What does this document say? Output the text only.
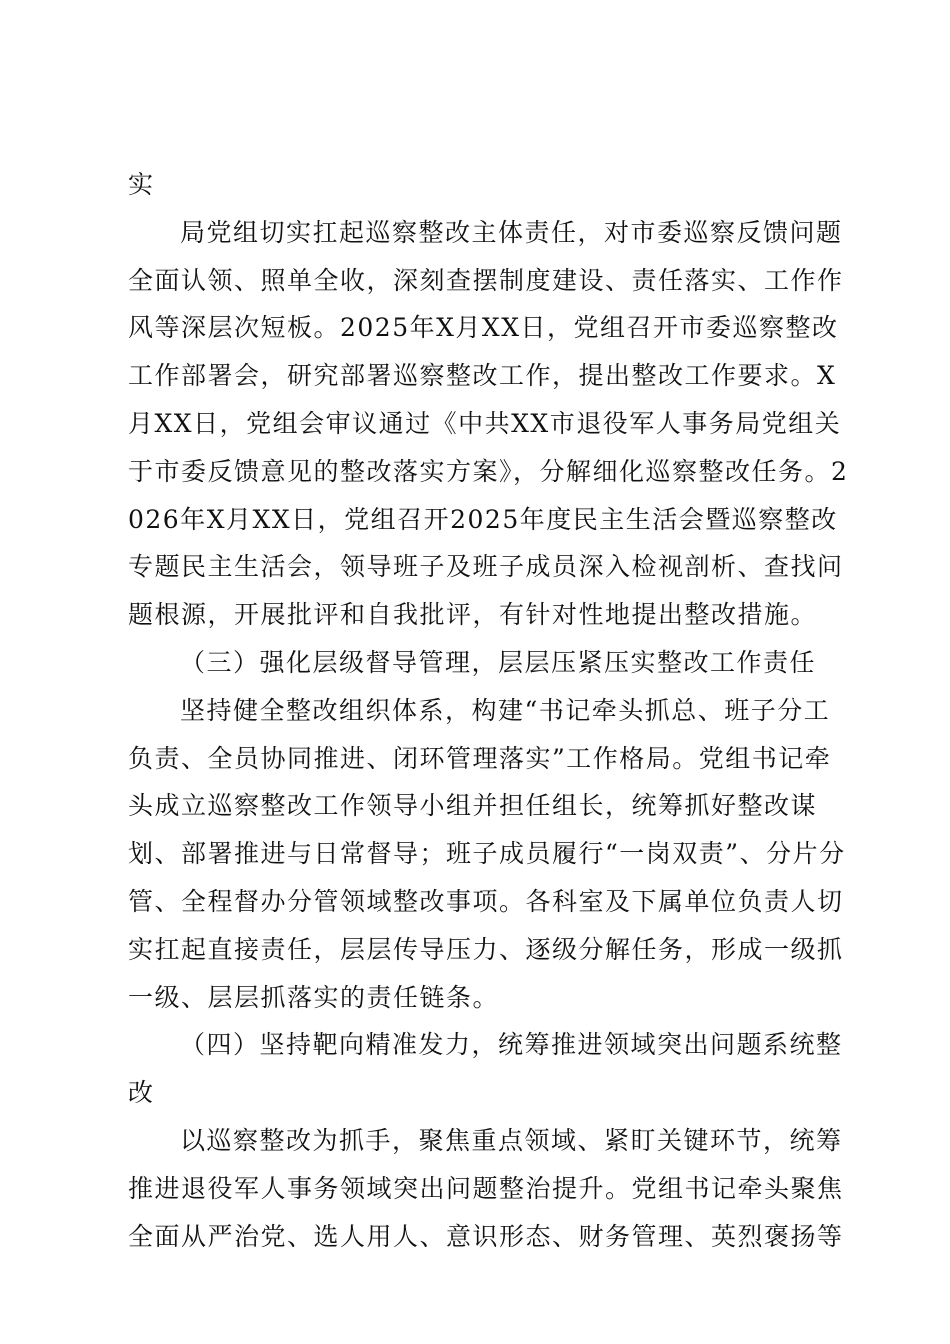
实

局党组切实扛起巡察整改主体责任，对市委巡察反馈问题全面认领、照单全收，深刻查摆制度建设、责任落实、工作作风等深层次短板。2025年X月XX日，党组召开市委巡察整改工作部署会，研究部署巡察整改工作，提出整改工作要求。X月XX日，党组会审议通过《中共XX市退役军人事务局党组关于市委反馈意见的整改落实方案》，分解细化巡察整改任务。2026年X月XX日，党组召开2025年度民主生活会暨巡察整改专题民主生活会，领导班子及班子成员深入检视剖析、查找问题根源，开展批评和自我批评，有针对性地提出整改措施。

（三）强化层级督导管理，层层压紧压实整改工作责任

坚持健全整改组织体系，构建“书记牵头抓总、班子分工负责、全员协同推进、闭环管理落实”工作格局。党组书记牵头成立巡察整改工作领导小组并担任组长，统筹抓好整改谋划、部署推进与日常督导；班子成员履行“一岗双责”、分片分管、全程督办分管领域整改事项。各科室及下属单位负责人切实扛起直接责任，层层传导压力、逐级分解任务，形成一级抓一级、层层抓落实的责任链条。

（四）坚持靶向精准发力，统筹推进领域突出问题系统整改

以巡察整改为抓手，聚焦重点领域、紧盯关键环节，统筹推进退役军人事务领域突出问题整治提升。党组书记牵头聚焦全面从严治党、选人用人、意识形态、财务管理、英烈褒扬等
